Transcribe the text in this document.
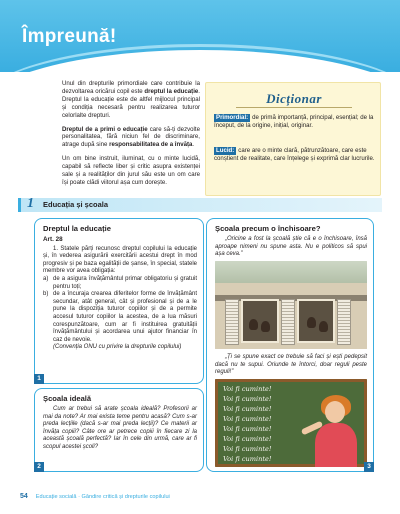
Împreună!

Unul din drepturile primordiale care contribuie la dezvoltarea oricărui copil este dreptul la educație. Dreptul la educație este de altfel mijlocul principal și condiția necesară pentru realizarea tuturor celorlalte drepturi.

Dreptul de a primi o educație care să-ți dezvolte personalitatea, fără niciun fel de discriminare, atrage după sine responsabilitatea de a învăța.

Un om bine instruit, iluminat, cu o minte lucidă, capabil să reflecte liber și critic asupra existenței sale și a realităților din jurul său este un om care își poate clădi viitorul așa cum dorește.

Dicționar
Primordial: de primă importanță, principal, esențial; de la început, de la origine, inițial, originar.
Lucid: care are o minte clară, pătrunzătoare, care este conștient de realitate, care înțelege și exprimă clar lucrurile.
1 Educația și școala
Dreptul la educație
Art. 28
1. Statele părți recunosc dreptul copilului la educație și, în vederea asigurării exercitării acestui drept în mod progresiv și pe baza egalității de șanse, în special, statele membre vor avea obligația:
a) de a asigura învățământul primar obligatoriu și gratuit pentru toți;
b) de a încuraja crearea diferitelor forme de învățământ secundar, atât general, cât și profesional și de a le pune la dispoziția tuturor copiilor și de a permite accesul tuturor copiilor la acestea, de a lua măsuri corespunzătoare, cum ar fi instituirea gratuității învățământului și acordarea unui ajutor financiar în caz de nevoie.
(Convenția ONU cu privire la drepturile copilului)
1
Școala ideală
Cum ar trebui să arate școala ideală? Profesorii ar mai da note? Ar mai exista teme pentru acasă? Cum s-ar preda lecțiile (dacă s-ar mai preda lecții)? Ce materii ar învăța copiii? Câte ore ar petrece copiii în fiecare zi la această școală perfectă? Iar în cele din urmă, care ar fi scopul acestei școli?
2
Școala precum o închisoare?
„Oricine a fost la școală știe că e o închisoare, însă aproape nimeni nu spune asta. Nu e politicos să spui așa ceva.”
„Ți se spune exact ce trebuie să faci și ești pedepsit dacă nu te supui. Oriunde te întorci, doar reguli peste reguli!”
Voi fi cuminte!
Voi fi cuminte!
Voi fi cuminte!
Voi fi cuminte!
Voi fi cuminte!
Voi fi cuminte!
Voi fi cuminte!
Voi fi cuminte!
3
54 Educație socială · Gândire critică și drepturile copilului
